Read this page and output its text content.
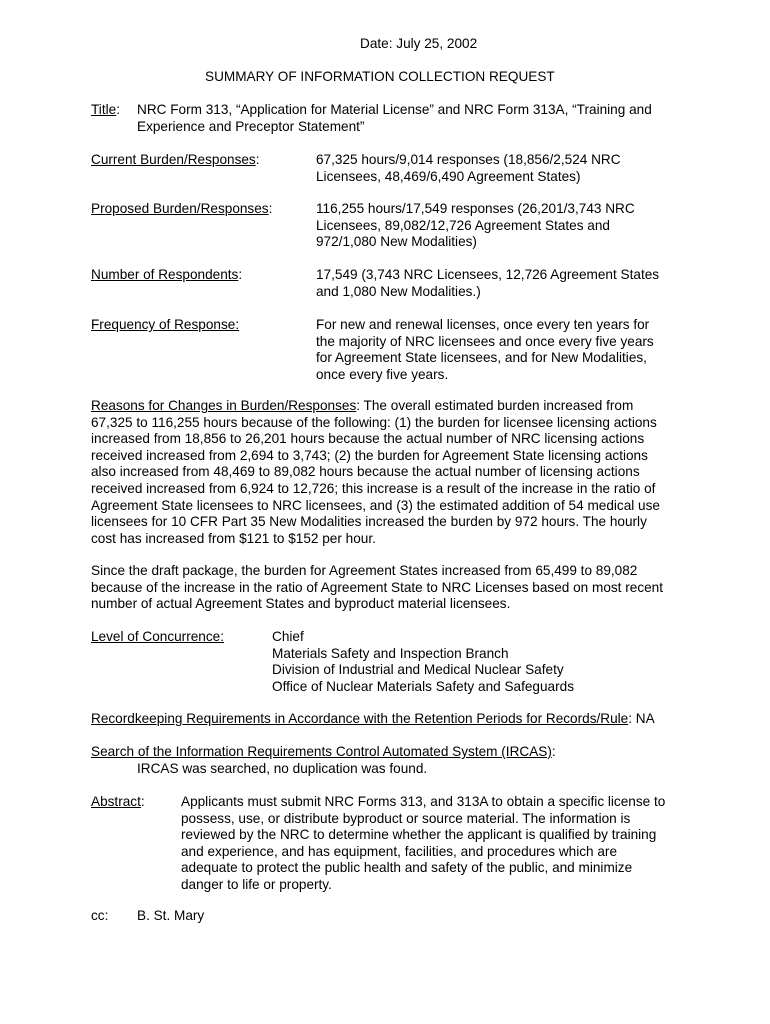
Date: July 25, 2002
SUMMARY OF INFORMATION COLLECTION REQUEST
Title: NRC Form 313, “Application for Material License” and NRC Form 313A, “Training and

Experience and Preceptor Statement”

Current Burden/Responses:	67,325 hours/9,014 responses (18,856/2,524 NRC

Licensees, 48,469/6,490 Agreement States)

Proposed Burden/Responses:	116,255 hours/17,549 responses (26,201/3,743 NRC

Licensees, 89,082/12,726 Agreement States and

972/1,080 New Modalities)

Number of Respondents:	17,549 (3,743 NRC Licensees, 12,726 Agreement States

and 1,080 New Modalities.)

Frequency of Response:	For new and renewal licenses, once every ten years for

the majority of NRC licensees and once every five years

for Agreement State licensees, and for New Modalities,

once every five years.

Reasons for Changes in Burden/Responses: The overall estimated burden increased from

67,325 to 116,255 hours because of the following: (1) the burden for licensee licensing actions

increased from 18,856 to 26,201 hours because the actual number of NRC licensing actions

received increased from 2,694 to 3,743; (2) the burden for Agreement State licensing actions

also increased from 48,469 to 89,082 hours because the actual number of licensing actions

received increased from 6,924 to 12,726; this increase is a result of the increase in the ratio of

Agreement State licensees to NRC licensees, and (3) the estimated addition of 54 medical use

licensees for 10 CFR Part 35 New Modalities increased the burden by 972 hours. The hourly

cost has increased from $121 to $152 per hour.

Since the draft package, the burden for Agreement States increased from 65,499 to 89,082

because of the increase in the ratio of Agreement State to NRC Licenses based on most recent

number of actual Agreement States and byproduct material licensees.

Level of Concurrence:	Chief

Materials Safety and Inspection Branch

Division of Industrial and Medical Nuclear Safety

Office of Nuclear Materials Safety and Safeguards

Recordkeeping Requirements in Accordance with the Retention Periods for Records/Rule: NA
Search of the Information Requirements Control Automated System (IRCAS):
IRCAS was searched, no duplication was found.
Abstract:	Applicants must submit NRC Forms 313, and 313A to obtain a specific license to

possess, use, or distribute byproduct or source material. The information is

reviewed by the NRC to determine whether the applicant is qualified by training

and experience, and has equipment, facilities, and procedures which are

adequate to protect the public health and safety of the public, and minimize

danger to life or property.

cc: B. St. Mary
